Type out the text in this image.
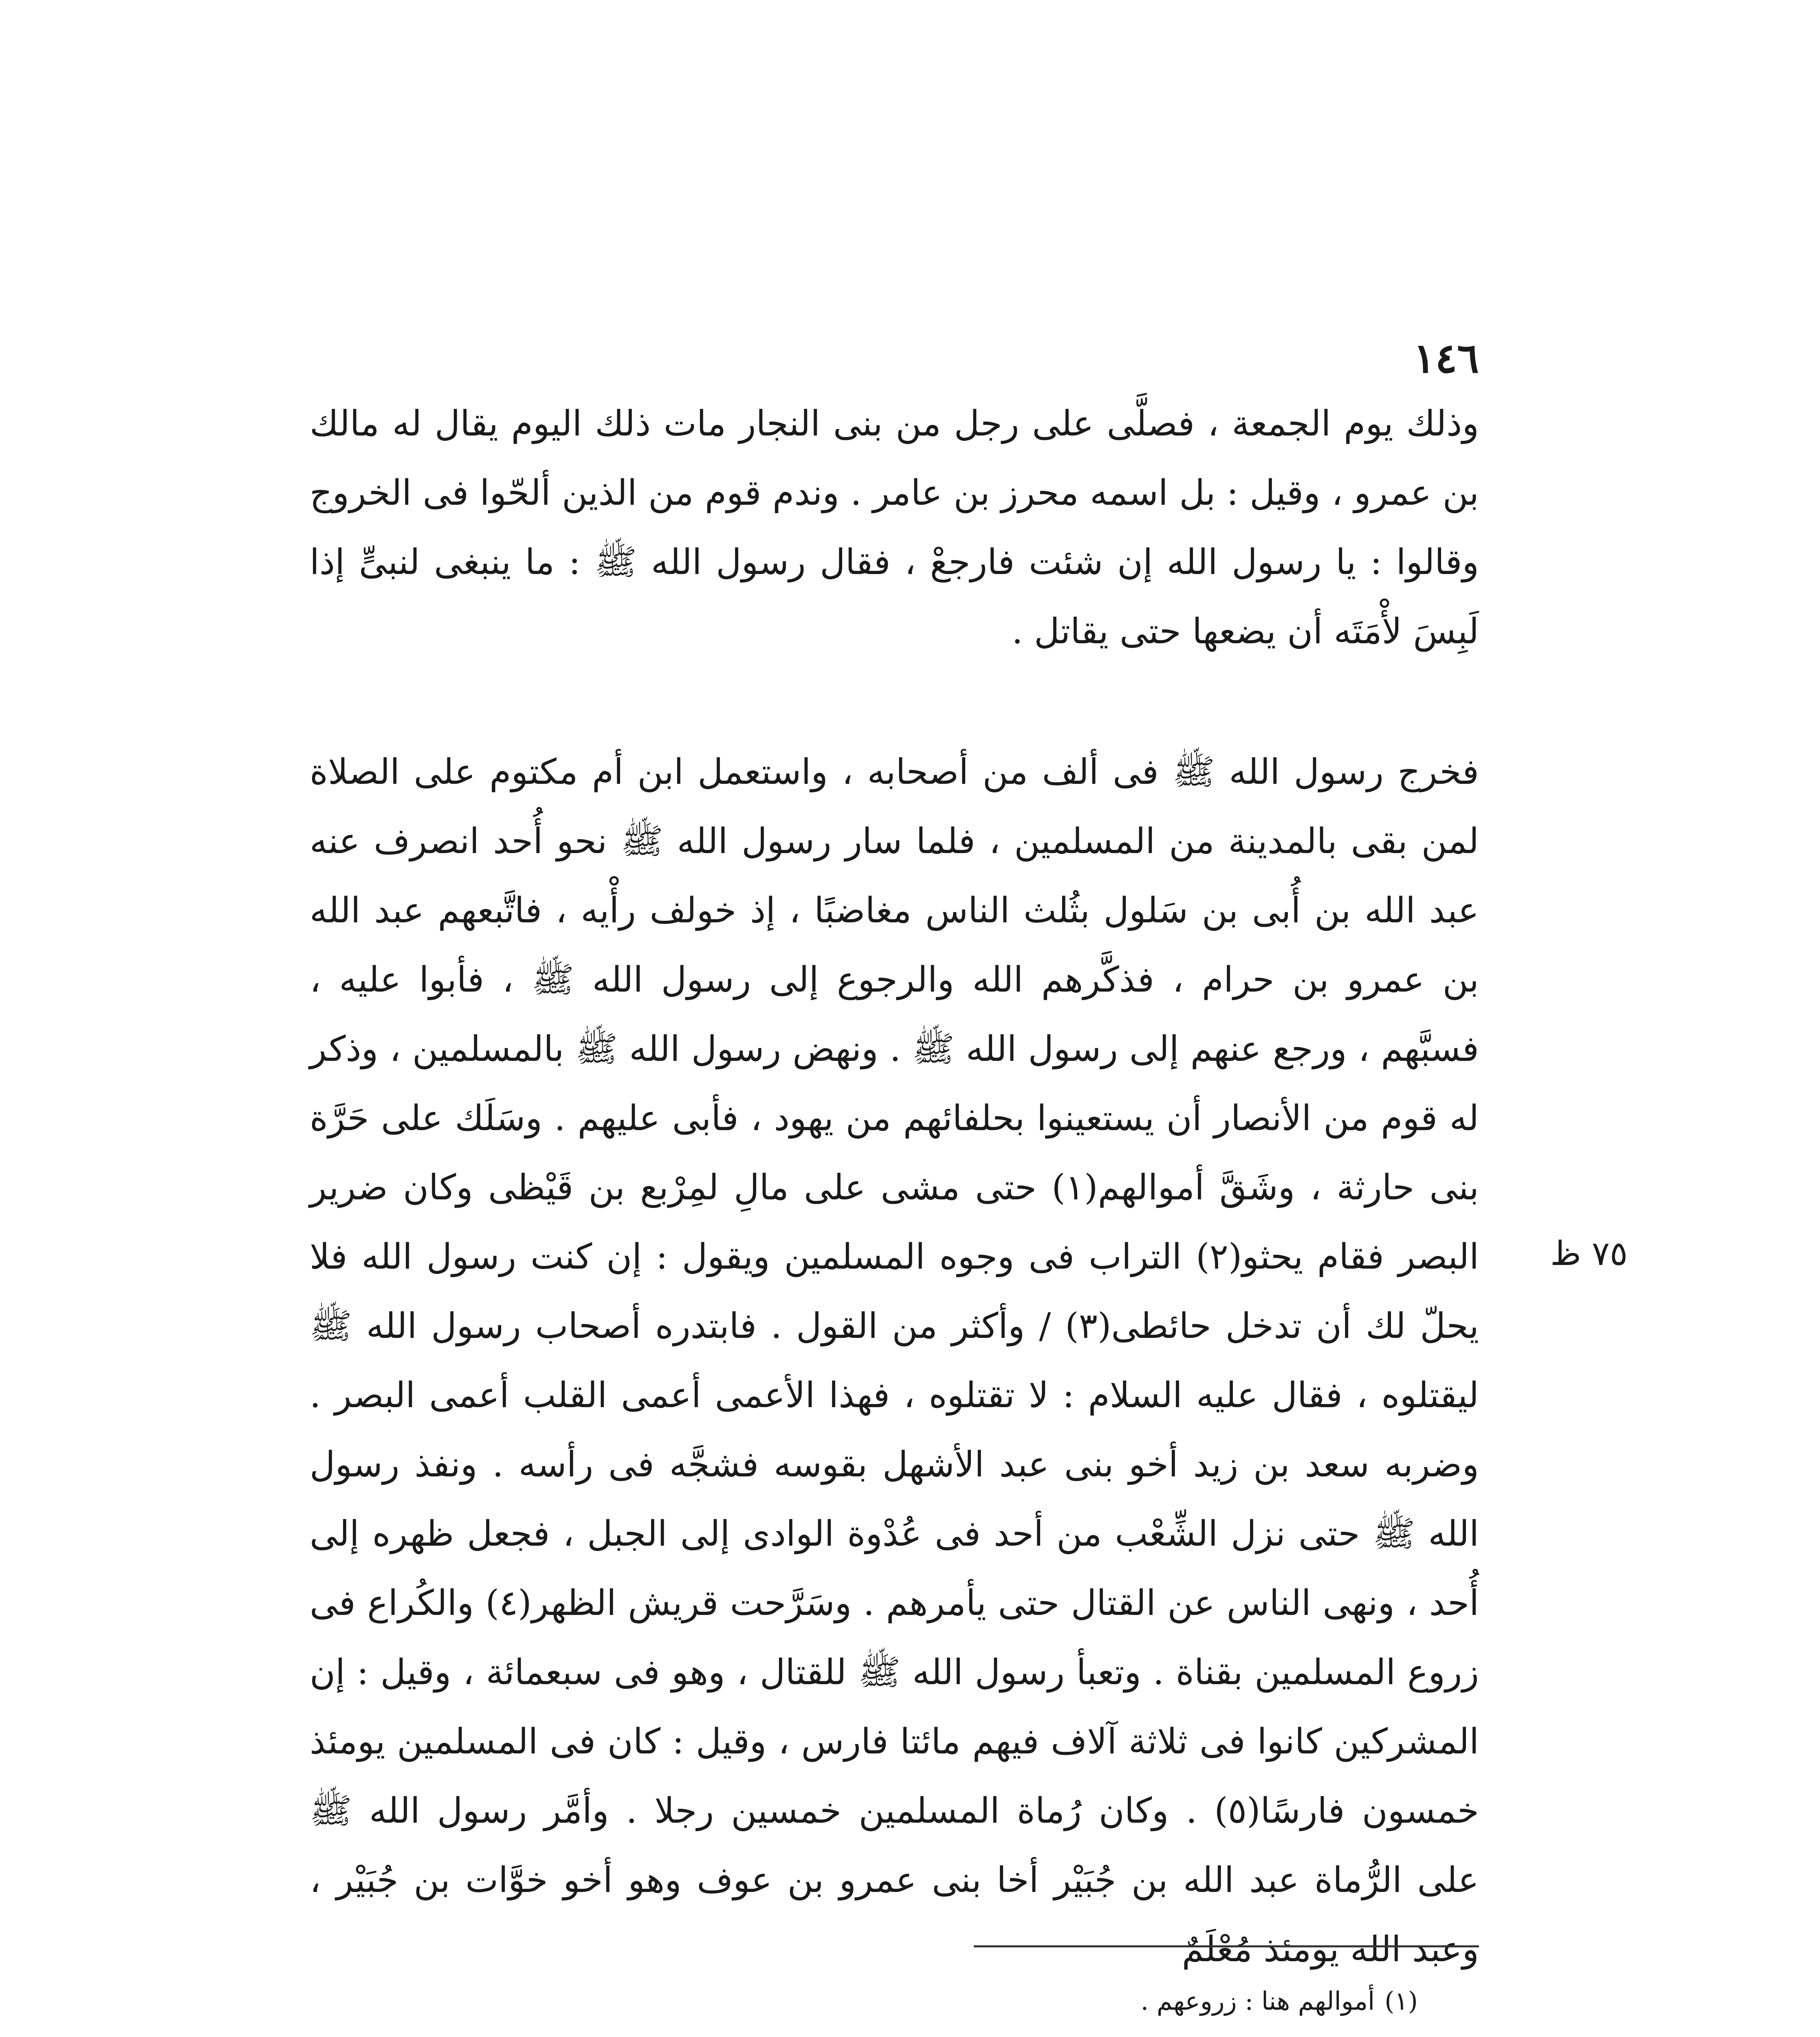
١٤٦

وذلك يوم الجمعة ، فصلَّى على رجل من بنى النجار مات ذلك اليوم يقال له مالك بن عمرو ، وقيل : بل اسمه محرز بن عامر . وندم قوم من الذين ألحّوا فى الخروج وقالوا : يا رسول الله إن شئت فارجعْ ، فقال رسول الله ﷺ : ما ينبغى لنبىٍّ إذا لَبِسَ لأْمَتَه أن يضعها حتى يقاتل .

فخرج رسول الله ﷺ فى ألف من أصحابه ، واستعمل ابن أم مكتوم على الصلاة لمن بقى بالمدينة من المسلمين ، فلما سار رسول الله ﷺ نحو أُحد انصرف عنه عبد الله بن أُبى بن سَلول بثُلث الناس مغاضبًا ، إذ خولف رأْيه ، فاتَّبعهم عبد الله بن عمرو بن حرام ، فذكَّرهم الله والرجوع إلى رسول الله ﷺ ، فأبوا عليه ، فسبَّهم ، ورجع عنهم إلى رسول الله ﷺ . ونهض رسول الله ﷺ بالمسلمين ، وذكر له قوم من الأنصار أن يستعينوا بحلفائهم من يهود ، فأبى عليهم . وسَلَك على حَرَّة بنى حارثة ، وشَقَّ أموالهم(١) حتى مشى على مالِ لمِرْبع بن قَيْظى وكان ضرير البصر فقام يحثو(٢) التراب فى وجوه المسلمين ويقول : إن كنت رسول الله فلا يحلّ لك أن تدخل حائطى(٣) / وأكثر من القول . فابتدره أصحاب رسول الله ﷺ ليقتلوه ، فقال عليه السلام : لا تقتلوه ، فهذا الأعمى أعمى القلب أعمى البصر . وضربه سعد بن زيد أخو بنى عبد الأشهل بقوسه فشجَّه فى رأسه . ونفذ رسول الله ﷺ حتى نزل الشِّعْب من أحد فى عُدْوة الوادى إلى الجبل ، فجعل ظهره إلى أُحد ، ونهى الناس عن القتال حتى يأمرهم . وسَرَّحت قريش الظهر(٤) والكُراع فى زروع المسلمين بقناة . وتعبأ رسول الله ﷺ للقتال ، وهو فى سبعمائة ، وقيل : إن المشركين كانوا فى ثلاثة آلاف فيهم مائتا فارس ، وقيل : كان فى المسلمين يومئذ خمسون فارسًا(٥) . وكان رُماة المسلمين خمسين رجلا . وأمَّر رسول الله ﷺ على الرُّماة عبد الله بن جُبَيْر أخا بنى عمرو بن عوف وهو أخو خوَّات بن جُبَيْر ، وعبد الله يومئذ مُعْلَمٌ

٧٥ ظ

(١)أموالهم هنا : زروعهم .
